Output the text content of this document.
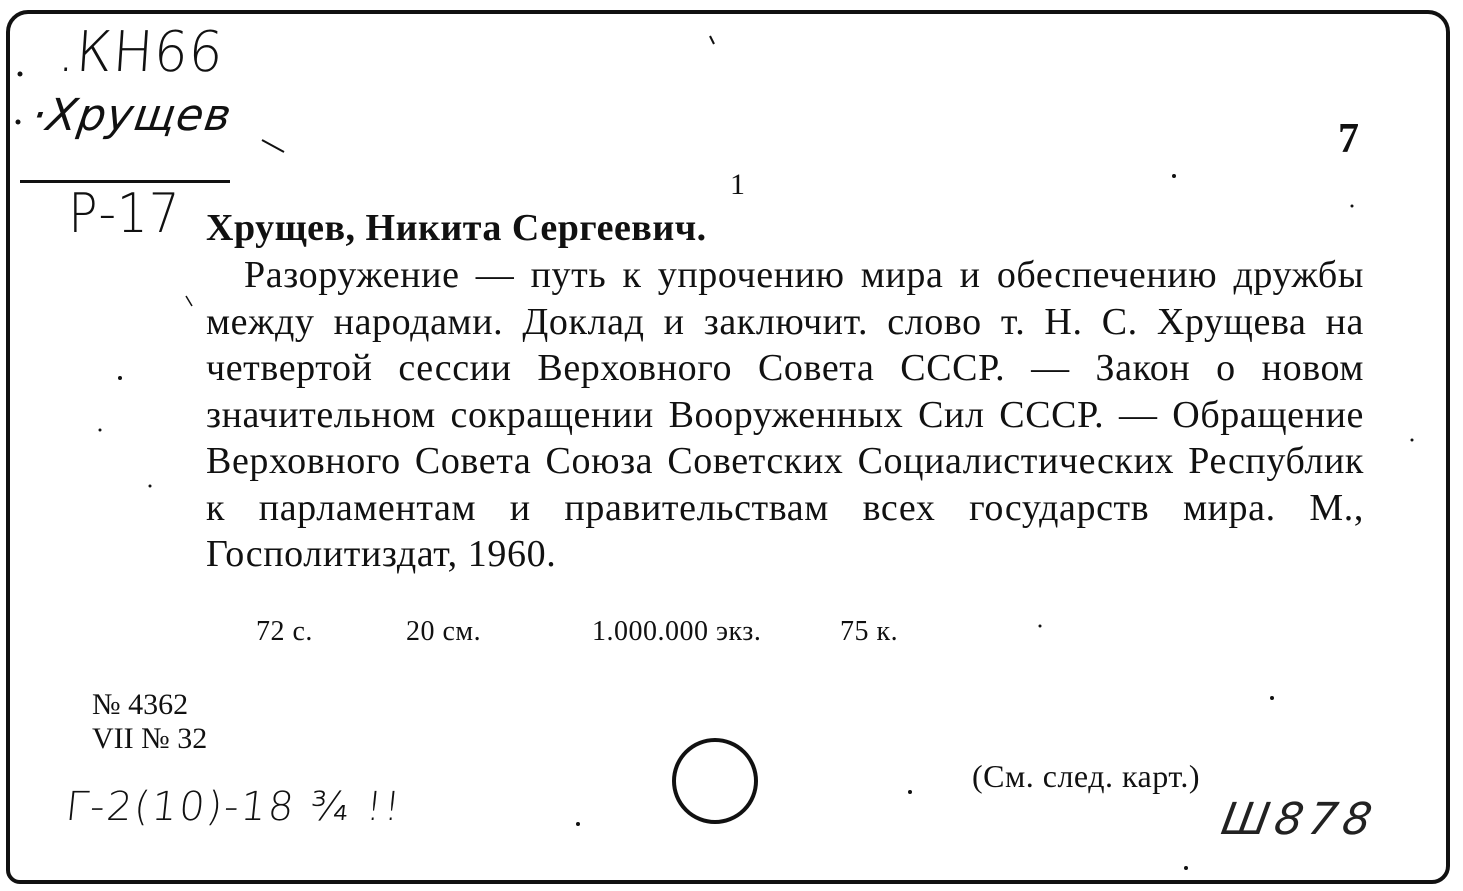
.КН66
·Хрущев
Р-17
7
1
Хрущев, Никита Сергеевич.
Разоружение — путь к упрочению мира и обеспечению дружбы между народами. Доклад и заключит. слово т. Н. С. Хрущева на четвертой сессии Верховного Совета СССР. — Закон о новом значительном сокращении Вооруженных Сил СССР. — Обращение Верховного Совета Союза Советских Социалистических Республик к парламентам и правительствам всех государств мира. М., Госполитиздат, 1960.
72 с.	20 см.	1.000.000 экз.	75 к.
№ 4362
VII № 32
(См. след. карт.)
Г-2(10)-18 ¾ !!	Ш878
